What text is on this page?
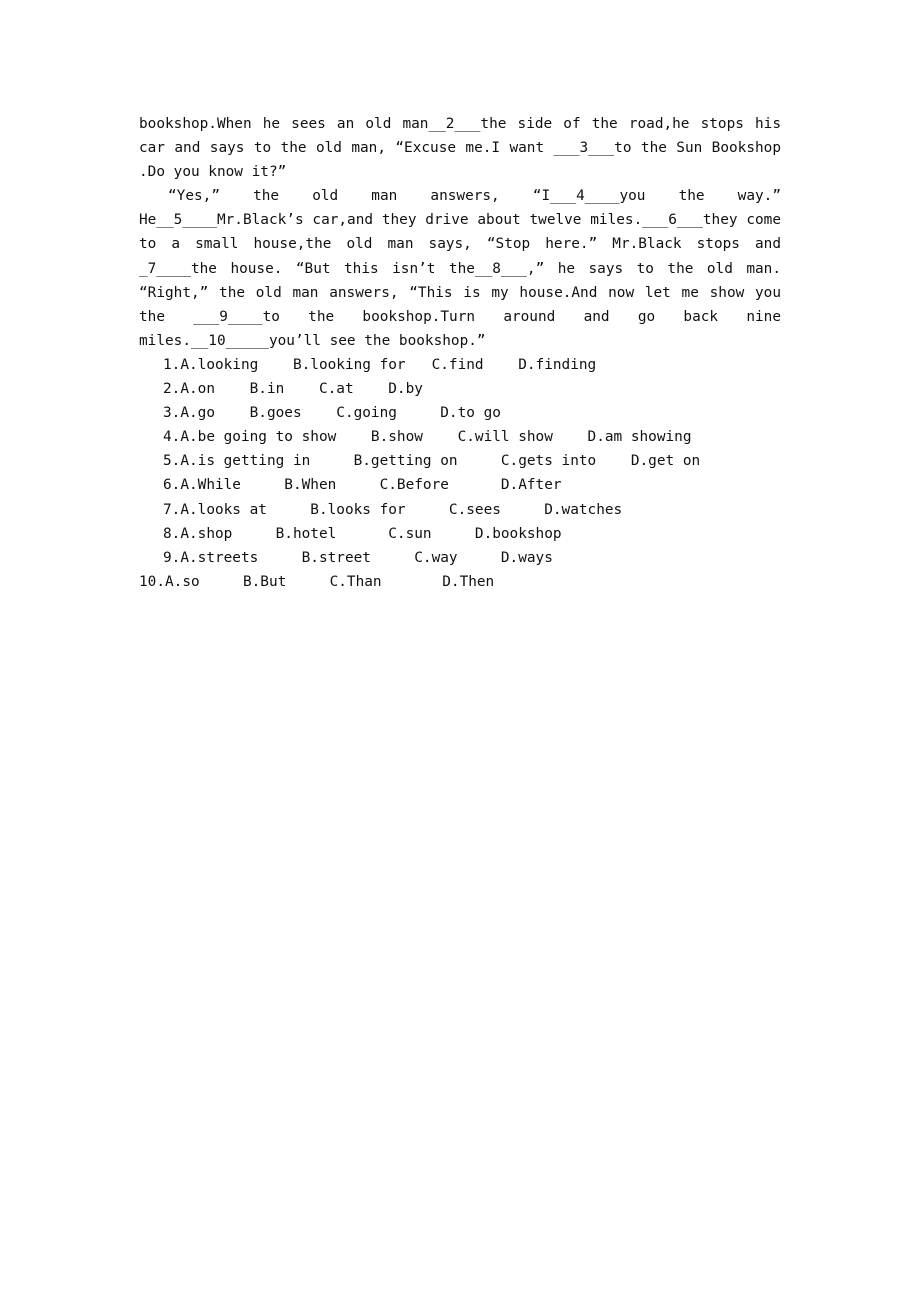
bookshop.When he sees an old man__2___the side of the road,he stops his car and says to the old man, “Excuse me.I want ___3___to the Sun Bookshop .Do you know it?”

“Yes,” the old man answers, “I___4____you the way.” He__5____Mr.Black’s car,and they drive about twelve miles.___6___they come to a small house,the old man says, “Stop here.” Mr.Black stops and _7____the house. “But this isn’t the__8___,” he says to the old man. “Right,” the old man answers, “This is my house.And now let me show you the ___9____to the bookshop.Turn around and go back nine miles.__10_____you’ll see the bookshop.”

1.A.looking    B.looking for   C.find    D.finding
2.A.on    B.in    C.at    D.by
3.A.go    B.goes    C.going     D.to go
4.A.be going to show    B.show    C.will show    D.am showing
5.A.is getting in     B.getting on     C.gets into    D.get on
6.A.While     B.When     C.Before      D.After
7.A.looks at     B.looks for     C.sees     D.watches
8.A.shop     B.hotel      C.sun     D.bookshop
9.A.streets     B.street     C.way     D.ways
10.A.so     B.But     C.Than       D.Then
